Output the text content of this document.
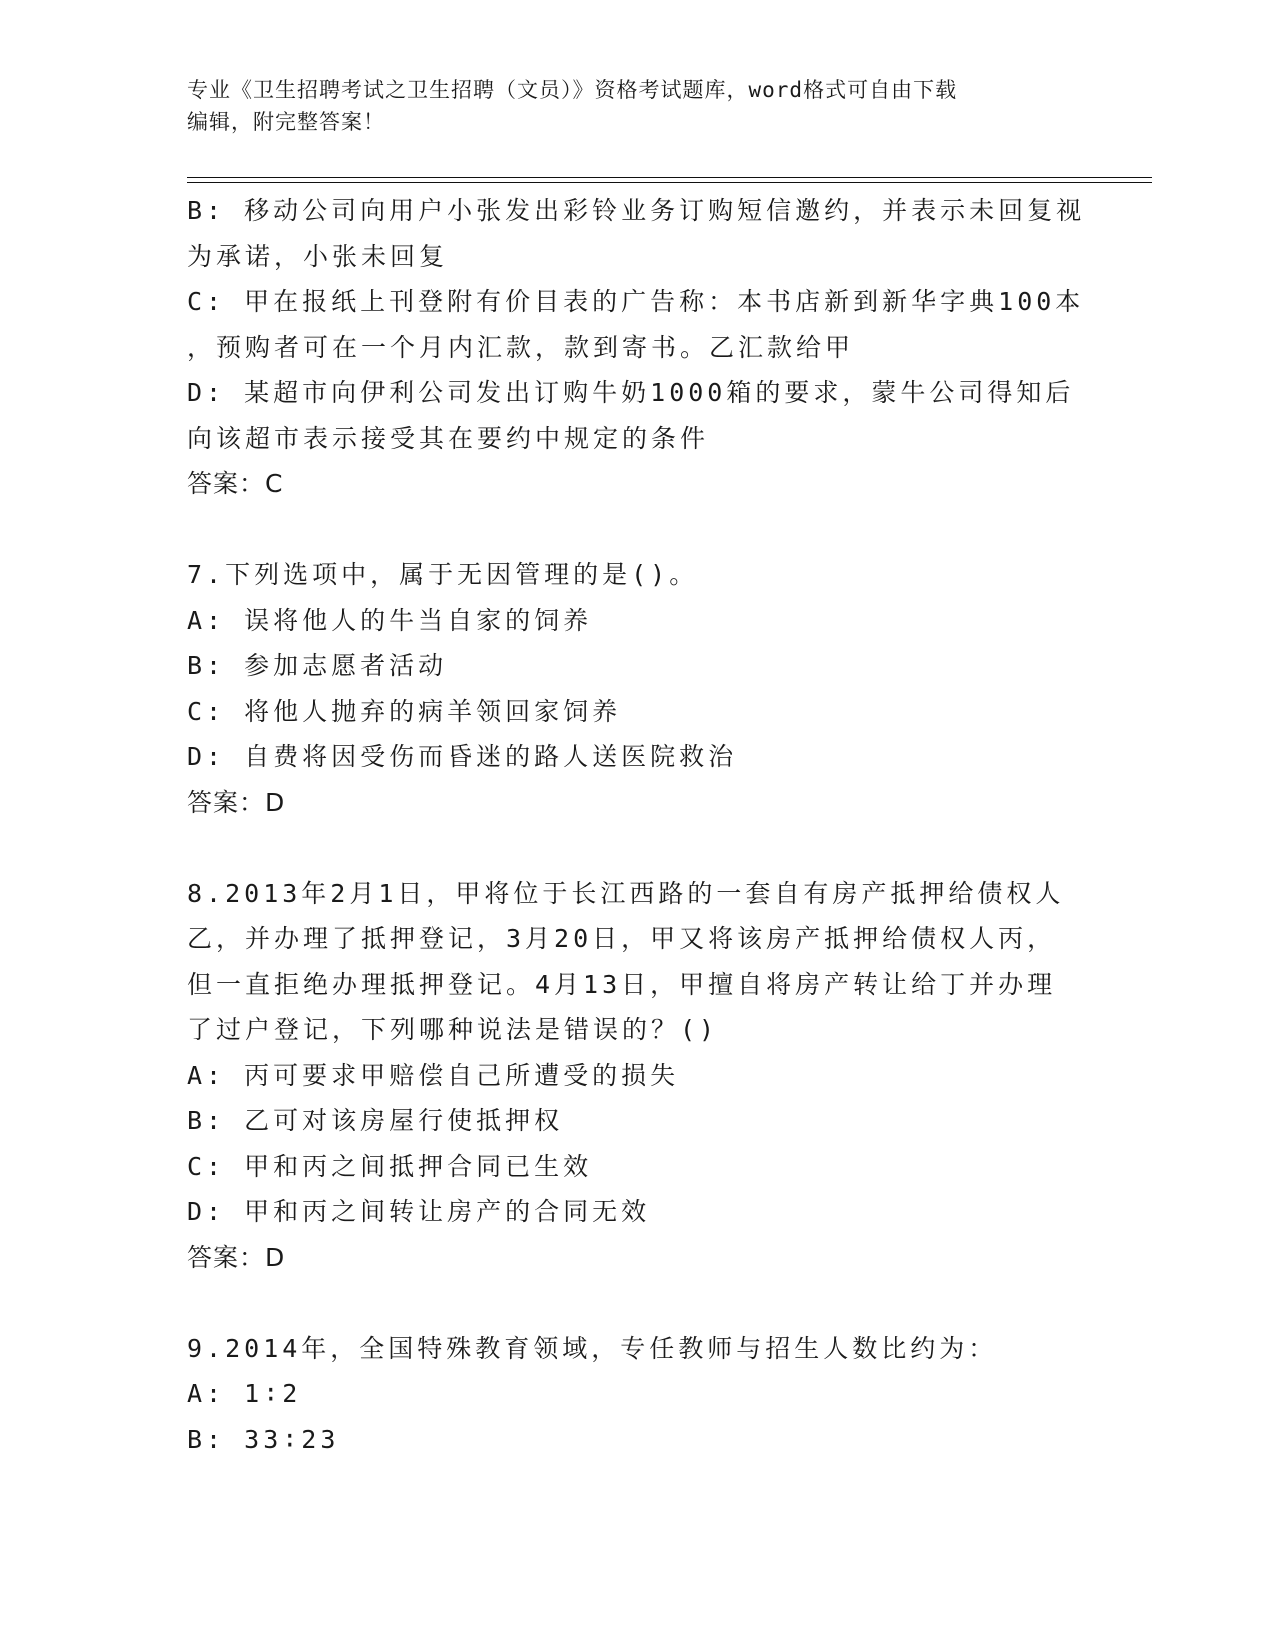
专业《卫生招聘考试之卫生招聘（文员）》资格考试题库，word格式可自由下载
编辑，附完整答案！
B: 移动公司向用户小张发出彩铃业务订购短信邀约，并表示未回复视
为承诺，小张未回复
C: 甲在报纸上刊登附有价目表的广告称：本书店新到新华字典100本
，预购者可在一个月内汇款，款到寄书。乙汇款给甲
D: 某超市向伊利公司发出订购牛奶1000箱的要求，蒙牛公司得知后
向该超市表示接受其在要约中规定的条件
答案：C
7.下列选项中，属于无因管理的是()。
A: 误将他人的牛当自家的饲养
B: 参加志愿者活动
C: 将他人抛弃的病羊领回家饲养
D: 自费将因受伤而昏迷的路人送医院救治
答案：D
8.2013年2月1日，甲将位于长江西路的一套自有房产抵押给债权人
乙，并办理了抵押登记，3月20日，甲又将该房产抵押给债权人丙，
但一直拒绝办理抵押登记。4月13日，甲擅自将房产转让给丁并办理
了过户登记，下列哪种说法是错误的？()
A: 丙可要求甲赔偿自己所遭受的损失
B: 乙可对该房屋行使抵押权
C: 甲和丙之间抵押合同已生效
D: 甲和丙之间转让房产的合同无效
答案：D
9.2014年，全国特殊教育领域，专任教师与招生人数比约为：
A: 1∶2
B: 33∶23
